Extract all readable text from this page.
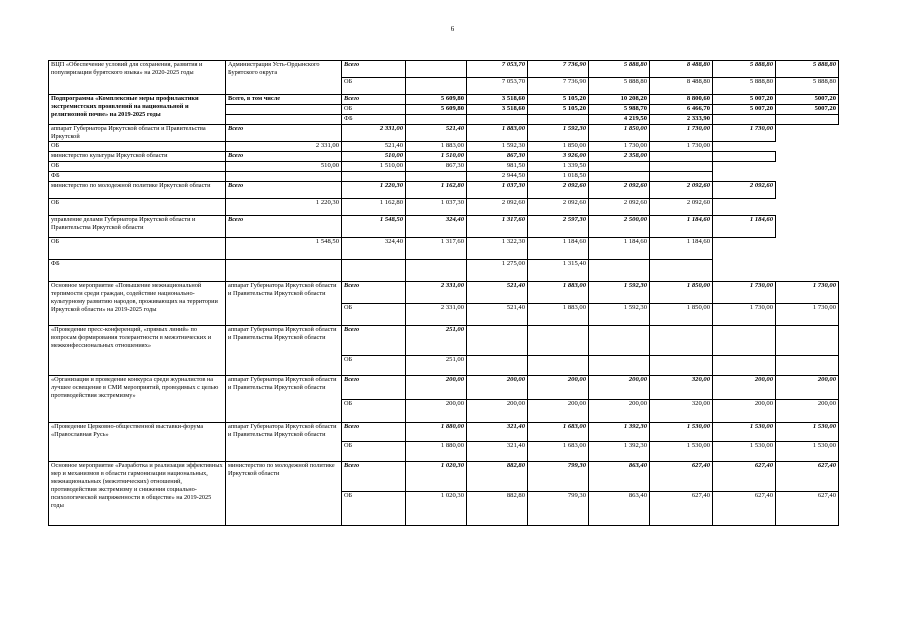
6
ВЦП «Обеспечение условий для сохранения, развития и популяризации бурятского языка» на 2020-2025 годы	Администрация Усть-Ордынского Бурятского округа	Всего		7 053,70	7 736,90	5 888,80	8 488,80	5 888,80	5 888,80
		ОБ		7 053,70	7 736,90	5 888,80	8 488,80	5 888,80	5 888,80
Подпрограмма «Комплексные меры профилактики экстремистских проявлений на национальной и религиозной почве» на 2019-2025 годы	Всего, в том числе	Всего	5 609,80	3 518,60	5 105,20	10 208,20	8 800,60	5 007,20	5007,20
		ОБ	5 609,80	3 518,60	5 105,20	5 988,70	6 466,70	5 007,20	5007,20
		ФБ				4 219,50	2 333,90		
аппарат Губернатора Иркутской области и Правительства Иркутской	Всего	2 331,00	521,40	1 883,00	1 592,30	1 850,00	1 730,00	1 730,00	
ОБ	2 331,00	521,40	1 883,00	1 592,30	1 850,00	1 730,00	1 730,00		
министерство культуры Иркутской области	Всего	510,00	1 510,00	867,30	3 926,00	2 358,00			
ОБ	510,00	1 510,00	867,30	981,50	1 339,50				
ФБ				2 944,50	1 018,50				
министерство по молодежной политике Иркутской области	Всего	1 220,30	1 162,80	1 037,30	2 092,60	2 092,60	2 092,60	2 092,60	
ОБ	1 220,30	1 162,80	1 037,30	2 092,60	2 092,60	2 092,60	2 092,60		
управление делами Губернатора Иркутской области и Правительства Иркутской области	Всего	1 548,50	324,40	1 317,60	2 597,30	2 500,00	1 184,60	1 184,60	
ОБ	1 548,50	324,40	1 317,60	1 322,30	1 184,60	1 184,60	1 184,60		
ФБ				1 275,00	1 315,40				
Основное мероприятие «Повышение межнациональной терпимости среди граждан, содействие национально-культурному развитию народов, проживающих на территории Иркутской области» на 2019-2025 годы	аппарат Губернатора Иркутской области и Правительства Иркутской области	Всего	2 331,00	521,40	1 883,00	1 592,30	1 850,00	1 730,00	1 730,00
		ОБ	2 331,00	521,40	1 883,00	1 592,30	1 850,00	1 730,00	1 730,00
«Проведение пресс-конференций, «прямых линий» по вопросам формирования толерантности в межэтнических и межконфессиональных отношениях»	аппарат Губернатора Иркутской области и Правительства Иркутской области	Всего	251,00						
		ОБ	251,00						
«Организация и проведение конкурса среди журналистов на лучшее освещение в СМИ мероприятий, проводимых с целью противодействия экстремизму»	аппарат Губернатора Иркутской области и Правительства Иркутской области	Всего	200,00	200,00	200,00	200,00	320,00	200,00	200,00
		ОБ	200,00	200,00	200,00	200,00	320,00	200,00	200,00
«Проведение Церковно-общественной выставки-форума «Православная Русь»	аппарат Губернатора Иркутской области и Правительства Иркутской области	Всего	1 880,00	321,40	1 683,00	1 392,30	1 530,00	1 530,00	1 530,00
		ОБ	1 880,00	321,40	1 683,00	1 392,30	1 530,00	1 530,00	1 530,00
Основное мероприятие «Разработка и реализация эффективных мер и механизмов в области гармонизации национальных, межнациональных (межэтнических) отношений, противодействия экстремизму и снижения социально-психологической напряженности в обществе» на 2019-2025 годы	министерство по молодежной политике Иркутской области	Всего	1 020,30	882,80	799,30	863,40	627,40	627,40	627,40
		ОБ	1 020,30	882,80	799,30	863,40	627,40	627,40	627,40
